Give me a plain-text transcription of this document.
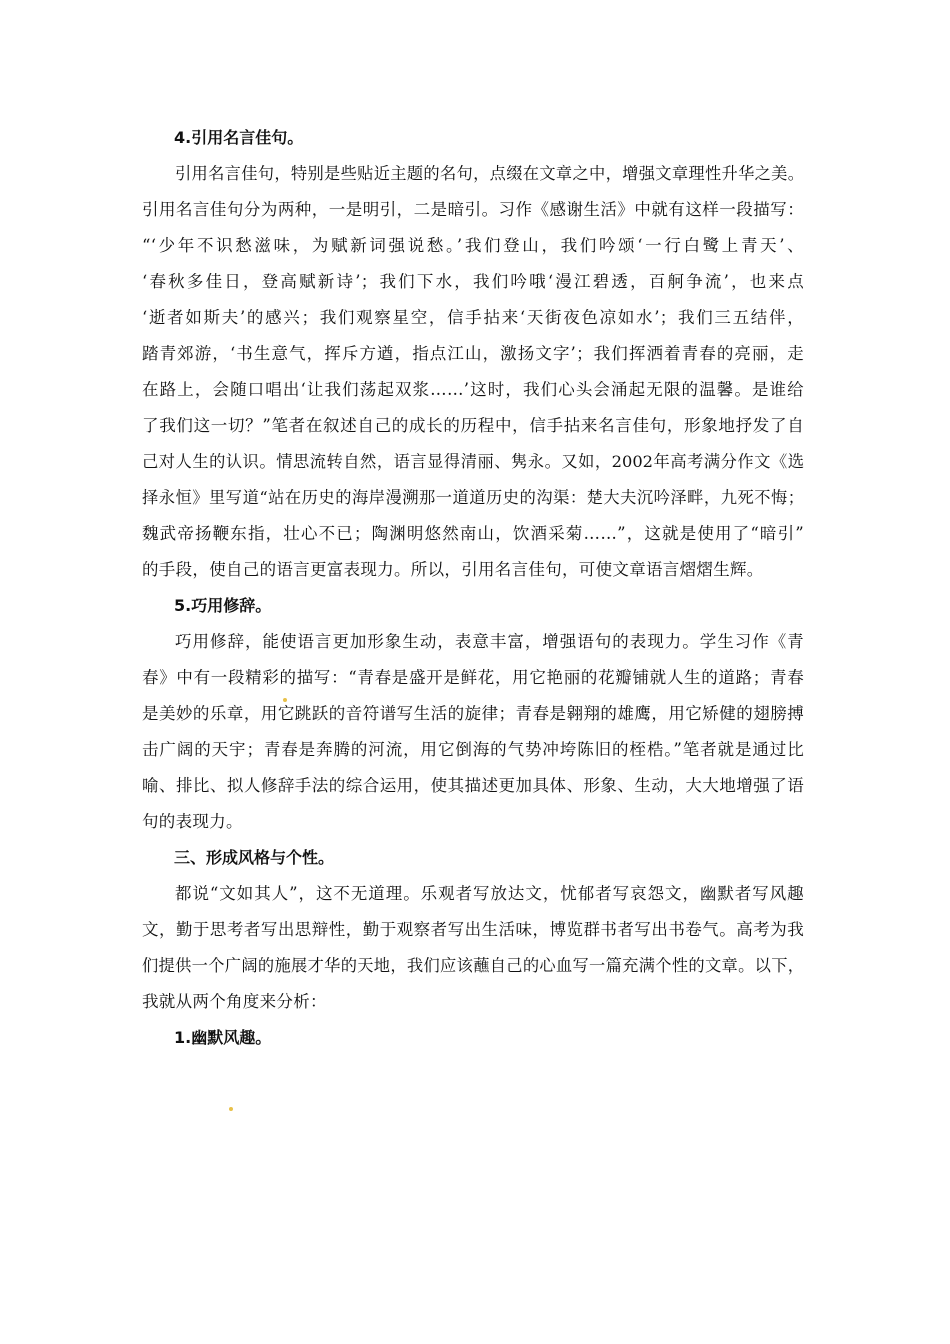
4.引用名言佳句。

引用名言佳句，特别是些贴近主题的名句，点缀在文章之中，增强文章理性升华之美。
引用名言佳句分为两种，一是明引，二是暗引。习作《感谢生活》中就有这样一段描写：
“‘少年不识愁滋味，为赋新词强说愁。’我们登山，我们吟颂‘一行白鹭上青天’、
‘春秋多佳日，登高赋新诗’；我们下水，我们吟哦‘漫江碧透，百舸争流’，也来点
‘逝者如斯夫’的感兴；我们观察星空，信手拈来‘天街夜色凉如水’；我们三五结伴，
踏青郊游，‘书生意气，挥斥方遒，指点江山，激扬文字’；我们挥洒着青春的亮丽，走
在路上，会随口唱出‘让我们荡起双浆……’这时，我们心头会涌起无限的温馨。是谁给
了我们这一切？”笔者在叙述自己的成长的历程中，信手拈来名言佳句，形象地抒发了自
己对人生的认识。情思流转自然，语言显得清丽、隽永。又如，2002年高考满分作文《选
择永恒》里写道“站在历史的海岸漫溯那一道道历史的沟渠：楚大夫沉吟泽畔，九死不悔；
魏武帝扬鞭东指，壮心不已；陶渊明悠然南山，饮酒采菊……”，这就是使用了“暗引”
的手段，使自己的语言更富表现力。所以，引用名言佳句，可使文章语言熠熠生辉。

5.巧用修辞。

巧用修辞，能使语言更加形象生动，表意丰富，增强语句的表现力。学生习作《青
春》中有一段精彩的描写：“青春是盛开是鲜花，用它艳丽的花瓣铺就人生的道路；青春
是美妙的乐章，用它跳跃的音符谱写生活的旋律；青春是翱翔的雄鹰，用它矫健的翅膀搏
击广阔的天宇；青春是奔腾的河流，用它倒海的气势冲垮陈旧的桎梏。”笔者就是通过比
喻、排比、拟人修辞手法的综合运用，使其描述更加具体、形象、生动，大大地增强了语
句的表现力。

三、形成风格与个性。

都说“文如其人”，这不无道理。乐观者写放达文，忧郁者写哀怨文，幽默者写风趣
文，勤于思考者写出思辩性，勤于观察者写出生活味，博览群书者写出书卷气。高考为我
们提供一个广阔的施展才华的天地，我们应该蘸自己的心血写一篇充满个性的文章。以下，
我就从两个角度来分析：

1.幽默风趣。
